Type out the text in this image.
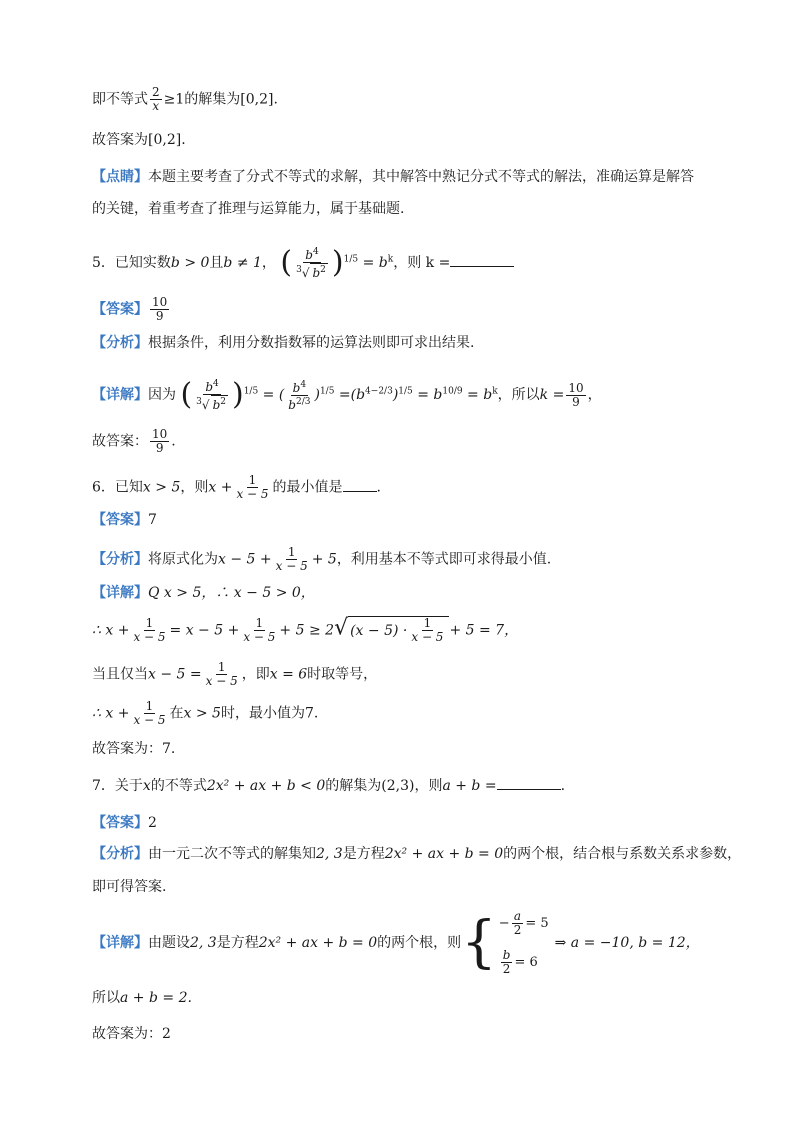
即不等式 $\frac{2}{x} \ge 1$的解集为[0,2].
故答案为[0,2].
【点睛】本题主要考查了分式不等式的求解，其中解答中熟记分式不等式的解法，准确运算是解答
的关键，着重考查了推理与运算能力，属于基础题.
5．已知实数b > 0且b ≠ 1， ( $\frac{b^4}{^3√ b^2} )^{1/5} = b^k$，则 k =
【答案】 $\frac{10}{9}$
【分析】根据条件，利用分数指数幂的运算法则即可求出结果.
【详解】因为 ( $\frac{b^4}{^3√ b^2} )^{1/5}$ = ( $\frac{b^4}{b^{2/3}} )^{1/5} =(b^{4-2/3})^{1/5} = b^{10/9} = b^k$，所以$k = \frac{10}{9}$ ，
故答案： $\frac{10}{9}$ .
6．已知x > 5，则$x + \frac{1}{x - 5}$ 的最小值是 .
【答案】7
【分析】将原式化为$x - 5 + \frac{1}{x - 5} + 5$，利用基本不等式即可求得最小值.
【详解】Q x > 5，∴ x − 5 > 0，
∴ $x + \frac{1}{x - 5} = x - 5 + \frac{1}{x - 5} + 5 \ge 2√$ $(x - 5) \cdot \frac{1}{x - 5} + 5 = 7$，
当且仅当$x - 5 = \frac{1}{x - 5}$ ，即x = 6时取等号，
∴ $x + \frac{1}{x - 5}$ 在x > 5时，最小值为7.
故答案为：7.
7．关于x的不等式2x² + ax + b < 0的解集为(2,3)，则a + b =	.
【答案】2
【分析】由一元二次不等式的解集知2, 3是方程2x² + ax + b = 0的两个根，结合根与系数关系求参数，
即可得答案.
【详解】 由题设 2, 3 是方程 2x² + ax + b = 0 的两个根，则 { − $\frac{a}{2} = 5$
$\frac{b}{2} = 6$
⇒ a = −10, b = 12，
所以a + b = 2.
故答案为：2
